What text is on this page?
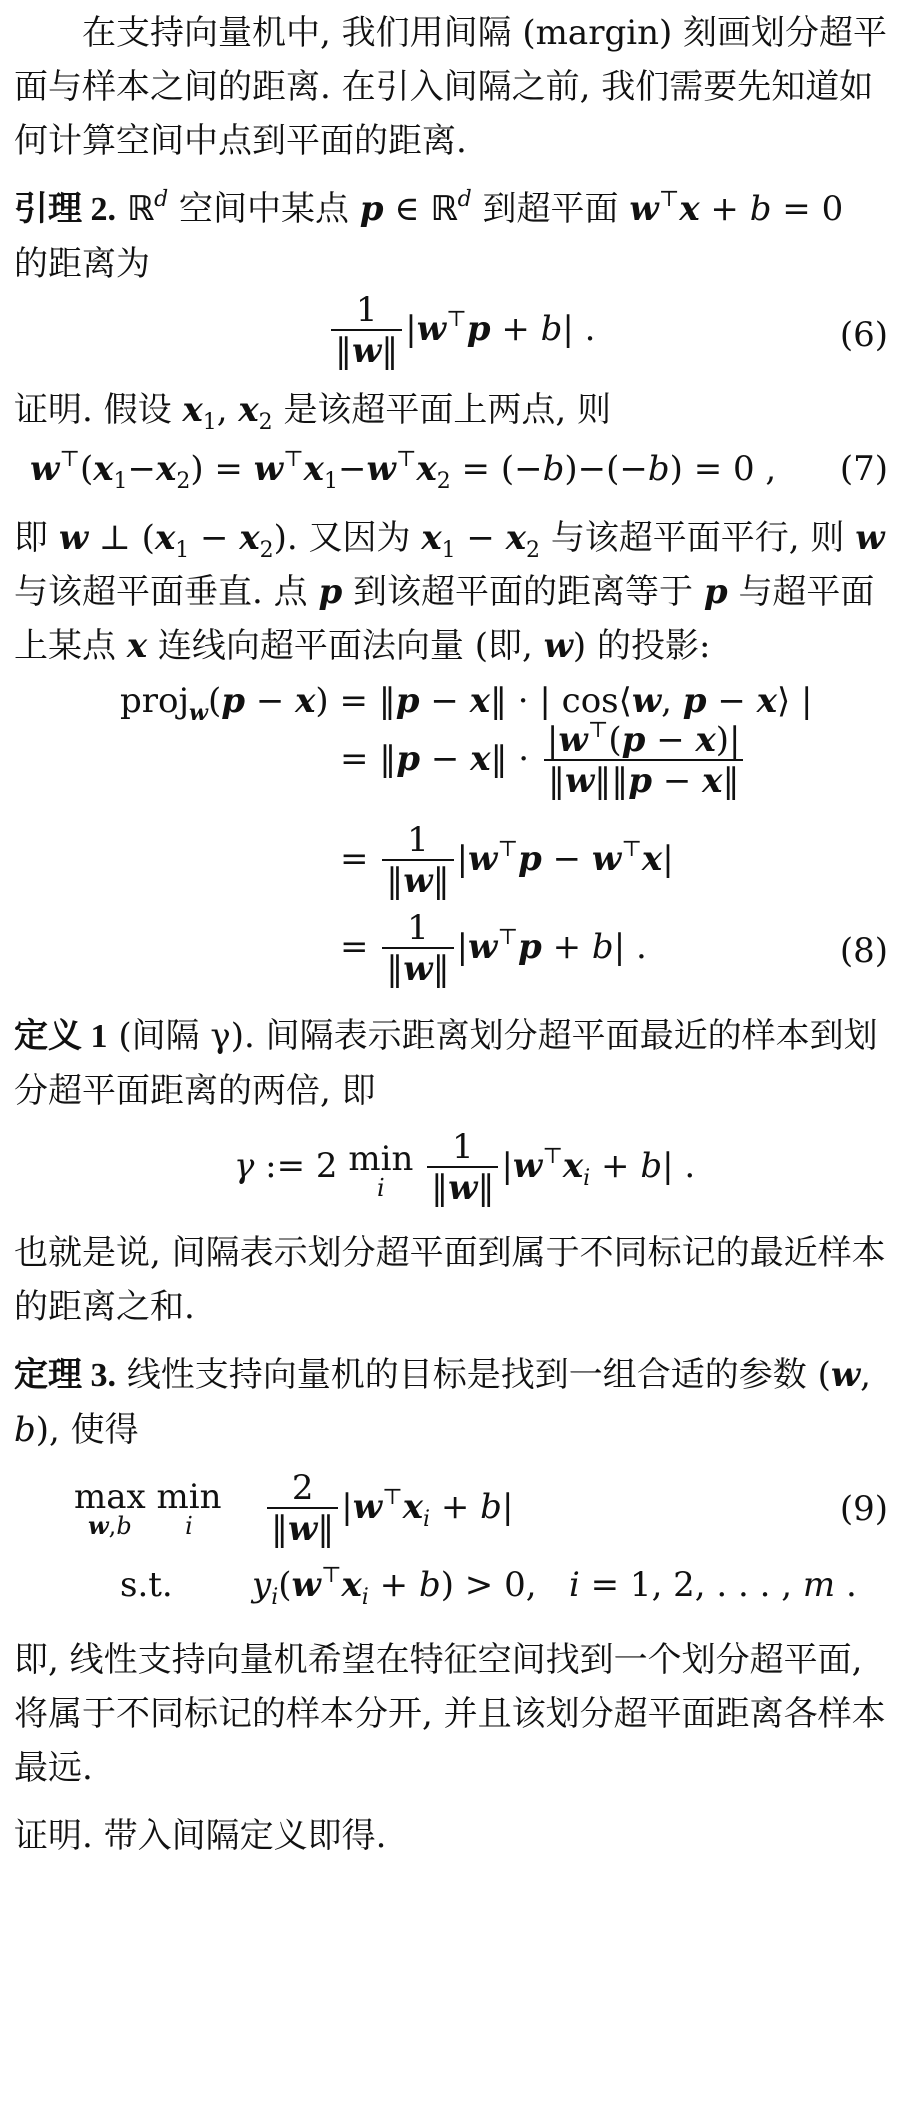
在支持向量机中, 我们用间隔 (margin) 刻画划分超平面与样本之间的距离. 在引入间隔之前, 我们需要先知道如何计算空间中点到平面的距离.

引理 2. ℝ$^d$ 空间中某点 p ∈ ℝ$^d$ 到超平面 w⊤x + b = 0
的距离为

$\frac{1}{‖w‖} |w^⊤p + b|$ .	(6)

证明. 假设 $x_1$, $x_2$ 是该超平面上两点, 则

$w^⊤(x_1-x_2) = w^⊤x_1-w^⊤x_2 = (-b)-(-b) = 0$ , (7)

即 w ⊥ $(x_1 - x_2)$. 又因为 $x_1 - x_2$ 与该超平面平行, 则 w 与该超平面垂直. 点 p 到该超平面的距离等于 p 与超平面上某点 x 连线向超平面法向量 (即, w) 的投影:

proj$_w$(p − x) = ‖p − x‖ · | cos⟨w, p − x⟩ |
= ‖p − x‖ · $\frac{|w^⊤(p - x)|}{‖w‖‖p - x‖}$
= $\frac{1}{‖w‖} |w^⊤p - w^⊤x|$
= $\frac{1}{‖w‖} |w^⊤p + b|$ .	(8)

定义 1 (间隔 γ). 间隔表示距离划分超平面最近的样本到划分超平面距离的两倍, 即

γ := 2 min
i
$\frac{1}{‖w‖} |w^⊤x_i + b|$ .

也就是说, 间隔表示划分超平面到属于不同标记的最近样本的距离之和.

定理 3. 线性支持向量机的目标是找到一组合适的参数 (w, b), 使得

max
w,b

min
i $\frac{2}{‖w‖} |w^⊤x_i + b|$	(9)
s.t. $y_i(w^⊤x_i + b) > 0$,   i = 1, 2, . . . , m .

即, 线性支持向量机希望在特征空间找到一个划分超平面, 将属于不同标记的样本分开, 并且该划分超平面距离各样本最远.

证明. 带入间隔定义即得.
